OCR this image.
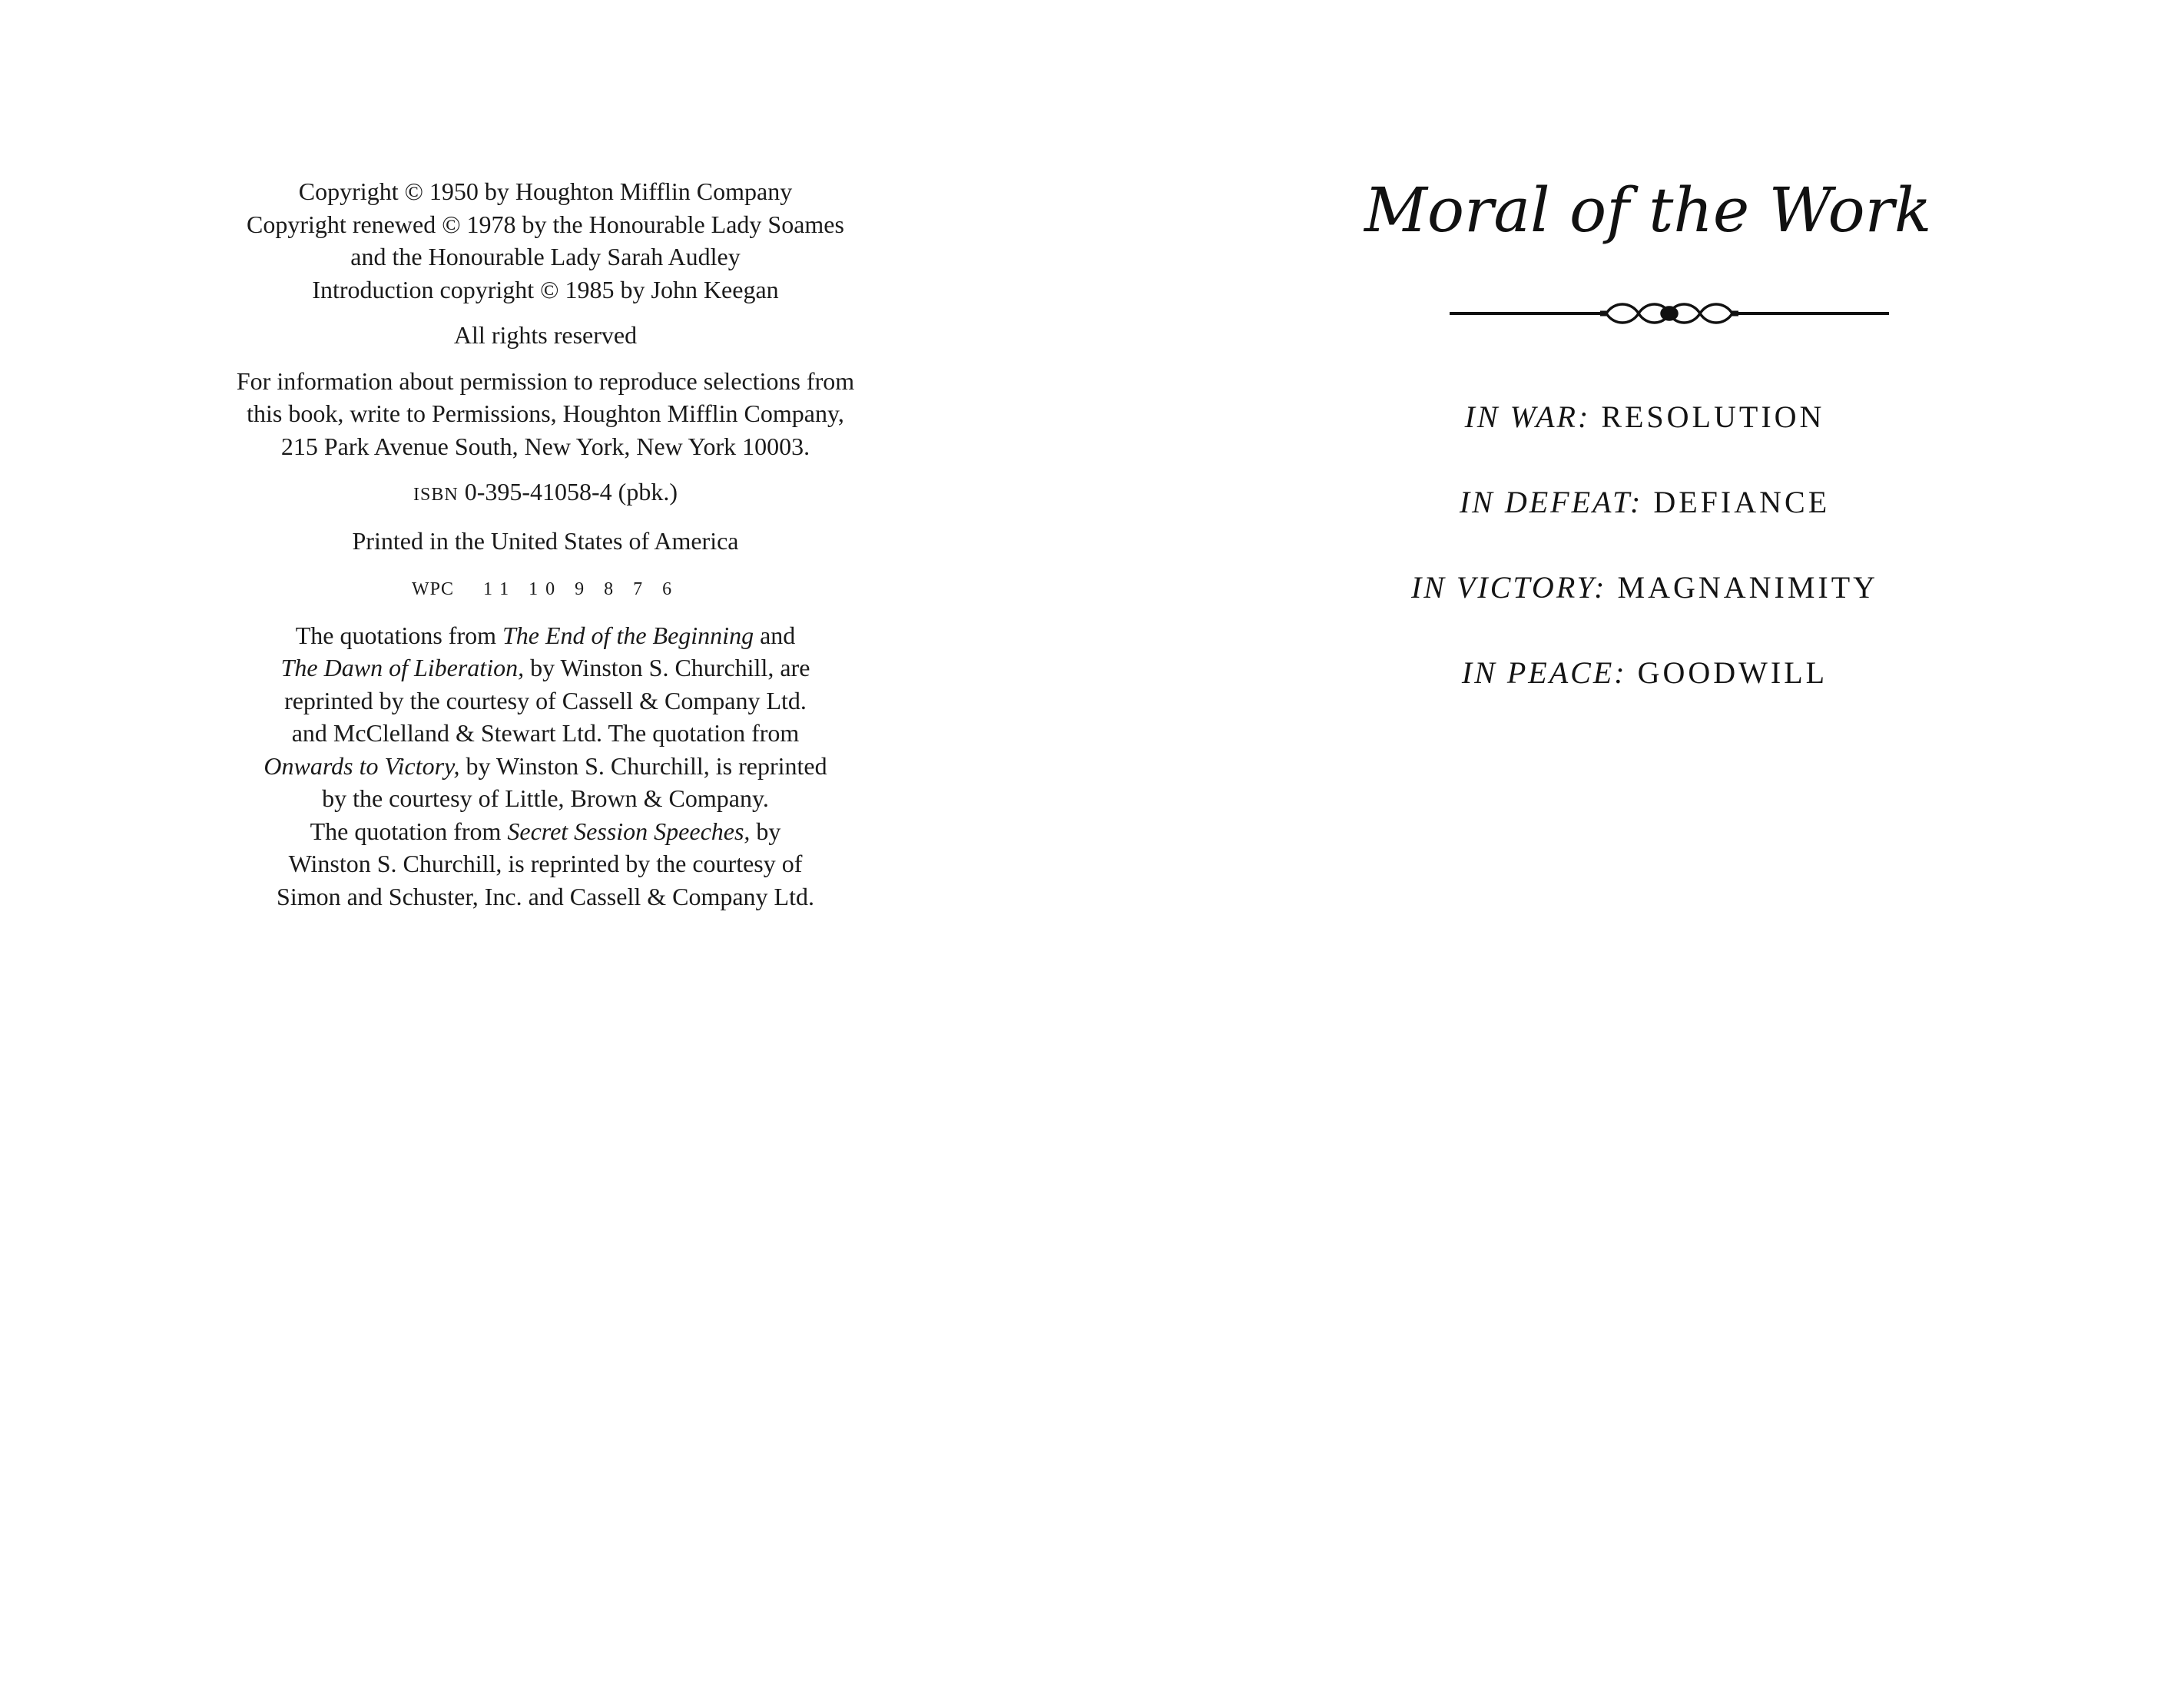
Copyright © 1950 by Houghton Mifflin Company
Copyright renewed © 1978 by the Honourable Lady Soames
and the Honourable Lady Sarah Audley
Introduction copyright © 1985 by John Keegan

All rights reserved

For information about permission to reproduce selections from
this book, write to Permissions, Houghton Mifflin Company,
215 Park Avenue South, New York, New York 10003.

ISBN 0-395-41058-4 (pbk.)

Printed in the United States of America

WPC 11 10 9 8 7 6

The quotations from The End of the Beginning and
The Dawn of Liberation, by Winston S. Churchill, are
reprinted by the courtesy of Cassell & Company Ltd.
and McClelland & Stewart Ltd. The quotation from
Onwards to Victory, by Winston S. Churchill, is reprinted
by the courtesy of Little, Brown & Company.
The quotation from Secret Session Speeches, by
Winston S. Churchill, is reprinted by the courtesy of
Simon and Schuster, Inc. and Cassell & Company Ltd.

Moral of the Work
IN WAR: RESOLUTION
IN DEFEAT: DEFIANCE
IN VICTORY: MAGNANIMITY
IN PEACE: GOODWILL
